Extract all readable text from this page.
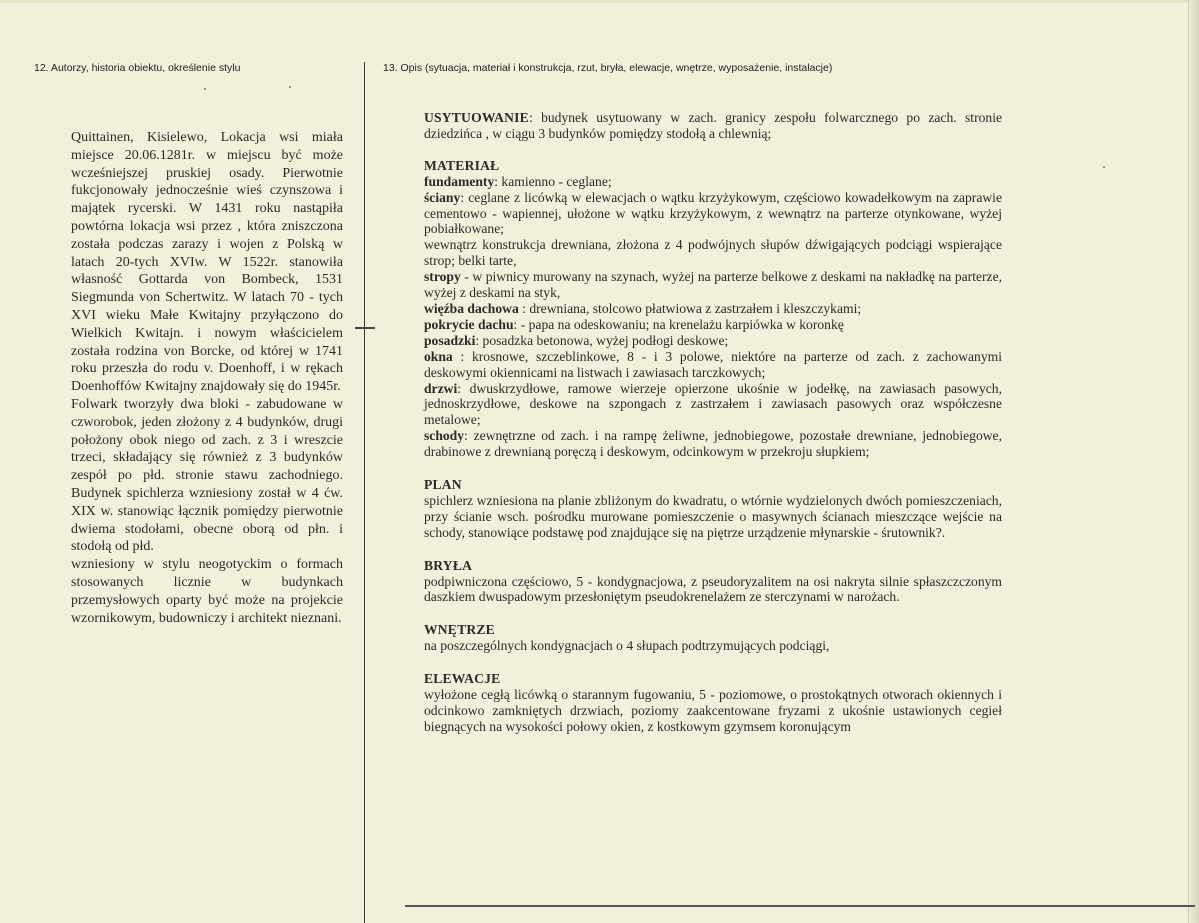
12. Autorzy, historia obiektu, określenie stylu	13. Opis (sytuacja, materiał i konstrukcja, rzut, bryła, elewacje, wnętrze, wyposażenie, instalacje)

Quittainen, Kisielewo, Lokacja wsi miała miejsce 20.06.1281r. w miejscu być może wcześniejszej pruskiej osady. Pierwotnie fukcjonowały jednocześnie wieś czynszowa i majątek rycerski. W 1431 roku nastąpiła powtórna lokacja wsi przez , która zniszczona została podczas zarazy i wojen z Polską w latach 20-tych XVIw. W 1522r. stanowiła własność Gottarda von Bombeck, 1531 Siegmunda von Schertwitz. W latach 70 - tych XVI wieku Małe Kwitajny przyłączono do Wielkich Kwitajn. i nowym właścicielem została rodzina von Borcke, od której w 1741 roku przeszła do rodu v. Doenhoff, i w rękach Doenhoffów Kwitajny znajdowały się do 1945r.

Folwark tworzyły dwa bloki - zabudowane w czworobok, jeden złożony z 4 budynków, drugi położony obok niego od zach. z 3 i wreszcie trzeci, składający się również z 3 budynków zespół po płd. stronie stawu zachodniego. Budynek spichlerza wzniesiony został w 4 ćw. XIX w. stanowiąc łącznik pomiędzy pierwotnie dwiema stodołami, obecne oborą od płn. i stodołą od płd.

wzniesiony w stylu neogotyckim o formach stosowanych licznie w budynkach przemysłowych oparty być może na projekcie wzornikowym, budowniczy i architekt nieznani.

USYTUOWANIE: budynek usytuowany w zach. granicy zespołu folwarcznego po zach. stronie dziedzińca , w ciągu 3 budynków pomiędzy stodołą a chlewnią;

MATERIAŁ

fundamenty: kamienno - ceglane;

ściany: ceglane z licówką w elewacjach o wątku krzyżykowym, częściowo kowadełkowym na zaprawie cementowo - wapiennej, ułożone w wątku krzyżykowym, z wewnątrz na parterze otynkowane, wyżej pobiałkowane;

wewnątrz konstrukcja drewniana, złożona z 4 podwójnych słupów dźwigających podciągi wspierające strop; belki tarte,

stropy - w piwnicy murowany na szynach, wyżej na parterze belkowe z deskami na nakładkę na parterze, wyżej z deskami na styk,

więźba dachowa : drewniana, stolcowo płatwiowa z zastrzałem i kleszczykami;

pokrycie dachu: - papa na odeskowaniu; na krenelażu karpiówka w koronkę

posadzki: posadzka betonowa, wyżej podłogi deskowe;

okna : krosnowe, szczeblinkowe, 8 - i 3 polowe, niektóre na parterze od zach. z zachowanymi deskowymi okiennicami na listwach i zawiasach tarczkowych;

drzwi: dwuskrzydłowe, ramowe wierzeje opierzone ukośnie w jodełkę, na zawiasach pasowych, jednoskrzydłowe, deskowe na szpongach z zastrzałem i zawiasach pasowych oraz współczesne metalowe;

schody: zewnętrzne od zach. i na rampę żeliwne, jednobiegowe, pozostałe drewniane, jednobiegowe, drabinowe z drewnianą poręczą i deskowym, odcinkowym w przekroju słupkiem;

PLAN

spichlerz wzniesiona na planie zbliżonym do kwadratu, o wtórnie wydzielonych dwóch pomieszczeniach, przy ścianie wsch. pośrodku murowane pomieszczenie o masywnych ścianach mieszczące wejście na schody, stanowiące podstawę pod znajdujące się na piętrze urządzenie młynarskie - śrutownik?.

BRYŁA

podpiwniczona częściowo, 5 - kondygnacjowa, z pseudoryzalitem na osi nakryta silnie spłaszczczonym daszkiem dwuspadowym przesłoniętym pseudokrenelażem ze sterczynami w narożach.

WNĘTRZE

na poszczególnych kondygnacjach o 4 słupach podtrzymujących podciągi,

ELEWACJE

wyłożone cegłą licówką o starannym fugowaniu, 5 - poziomowe, o prostokątnych otworach okiennych i odcinkowo zamkniętych drzwiach, poziomy zaakcentowane fryzami z ukośnie ustawionych cegieł biegnących na wysokości połowy okien, z kostkowym gzymsem koronującym
